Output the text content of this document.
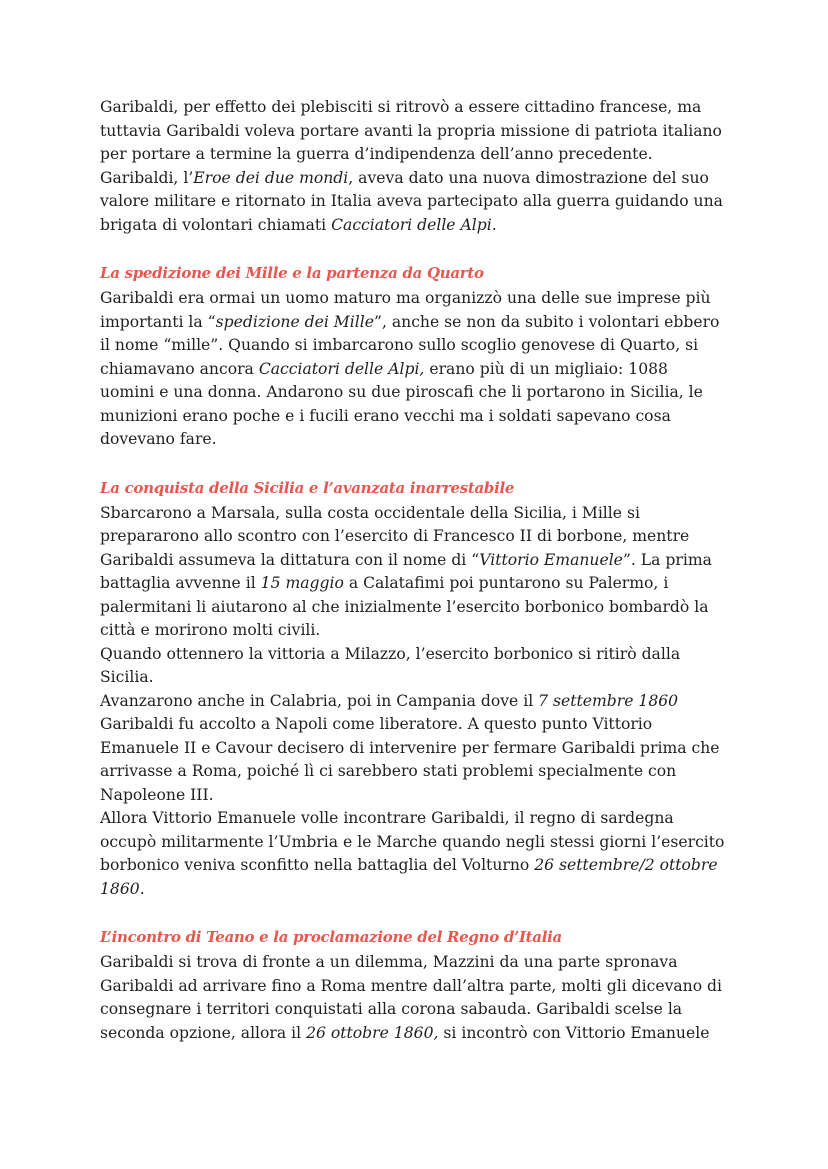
Garibaldi, per effetto dei plebisciti si ritrovò a essere cittadino francese, ma
tuttavia Garibaldi voleva portare avanti la propria missione di patriota italiano
per portare a termine la guerra d’indipendenza dell’anno precedente.
Garibaldi, l’Eroe dei due mondi, aveva dato una nuova dimostrazione del suo
valore militare e ritornato in Italia aveva partecipato alla guerra guidando una
brigata di volontari chiamati Cacciatori delle Alpi.

La spedizione dei Mille e la partenza da Quarto

Garibaldi era ormai un uomo maturo ma organizzò una delle sue imprese più
importanti la “spedizione dei Mille”, anche se non da subito i volontari ebbero
il nome “mille”. Quando si imbarcarono sullo scoglio genovese di Quarto, si
chiamavano ancora Cacciatori delle Alpi, erano più di un migliaio: 1088
uomini e una donna. Andarono su due piroscafi che li portarono in Sicilia, le
munizioni erano poche e i fucili erano vecchi ma i soldati sapevano cosa
dovevano fare.

La conquista della Sicilia e l’avanzata inarrestabile

Sbarcarono a Marsala, sulla costa occidentale della Sicilia, i Mille si
prepararono allo scontro con l’esercito di Francesco II di borbone, mentre
Garibaldi assumeva la dittatura con il nome di “Vittorio Emanuele”. La prima
battaglia avvenne il 15 maggio a Calatafimi poi puntarono su Palermo, i
palermitani li aiutarono al che inizialmente l’esercito borbonico bombardò la
città e morirono molti civili.
Quando ottennero la vittoria a Milazzo, l’esercito borbonico si ritirò dalla
Sicilia.
Avanzarono anche in Calabria, poi in Campania dove il 7 settembre 1860
Garibaldi fu accolto a Napoli come liberatore. A questo punto Vittorio
Emanuele II e Cavour decisero di intervenire per fermare Garibaldi prima che
arrivasse a Roma, poiché lì ci sarebbero stati problemi specialmente con
Napoleone III.
Allora Vittorio Emanuele volle incontrare Garibaldi, il regno di sardegna
occupò militarmente l’Umbria e le Marche quando negli stessi giorni l’esercito
borbonico veniva sconfitto nella battaglia del Volturno 26 settembre/2 ottobre
1860.

L’incontro di Teano e la proclamazione del Regno d’Italia

Garibaldi si trova di fronte a un dilemma, Mazzini da una parte spronava
Garibaldi ad arrivare fino a Roma mentre dall’altra parte, molti gli dicevano di
consegnare i territori conquistati alla corona sabauda. Garibaldi scelse la
seconda opzione, allora il 26 ottobre 1860, si incontrò con Vittorio Emanuele
